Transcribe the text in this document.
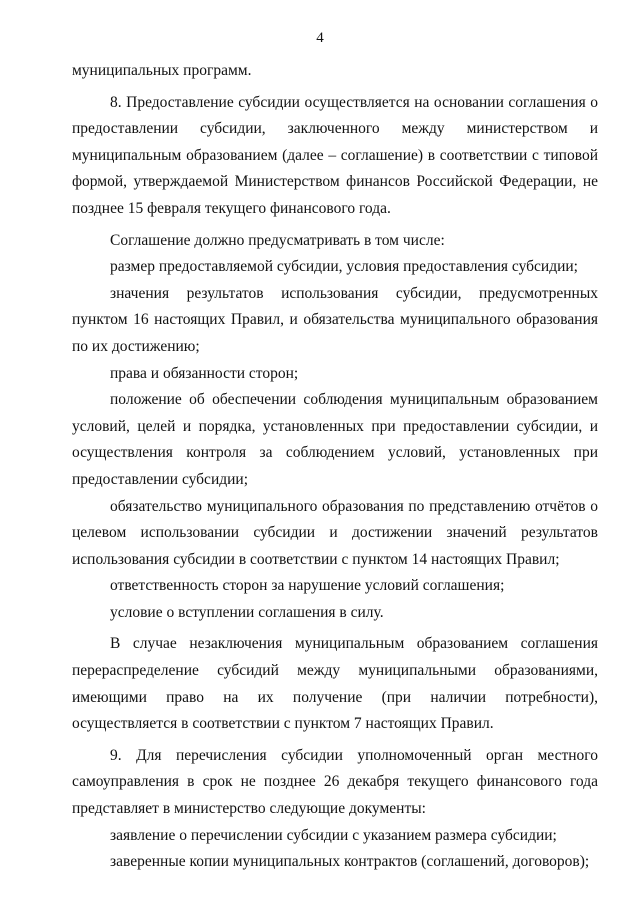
4

муниципальных программ.

8. Предоставление субсидии осуществляется на основании соглашения о предоставлении субсидии, заключенного между министерством и муниципальным образованием (далее – соглашение) в соответствии с типовой формой, утверждаемой Министерством финансов Российской Федерации, не позднее 15 февраля текущего финансового года.

Соглашение должно предусматривать в том числе:

размер предоставляемой субсидии, условия предоставления субсидии;

значения результатов использования субсидии, предусмотренных пунктом 16 настоящих Правил, и обязательства муниципального образования по их достижению;

права и обязанности сторон;

положение об обеспечении соблюдения муниципальным образованием условий, целей и порядка, установленных при предоставлении субсидии, и осуществления контроля за соблюдением условий, установленных при предоставлении субсидии;

обязательство муниципального образования по представлению отчётов о целевом использовании субсидии и достижении значений результатов использования субсидии в соответствии с пунктом 14 настоящих Правил;

ответственность сторон за нарушение условий соглашения;

условие о вступлении соглашения в силу.

В случае незаключения муниципальным образованием соглашения перераспределение субсидий между муниципальными образованиями, имеющими право на их получение (при наличии потребности), осуществляется в соответствии с пунктом 7 настоящих Правил.

9. Для перечисления субсидии уполномоченный орган местного самоуправления в срок не позднее 26 декабря текущего финансового года представляет в министерство следующие документы:

заявление о перечислении субсидии с указанием размера субсидии;

заверенные копии муниципальных контрактов (соглашений, договоров);
